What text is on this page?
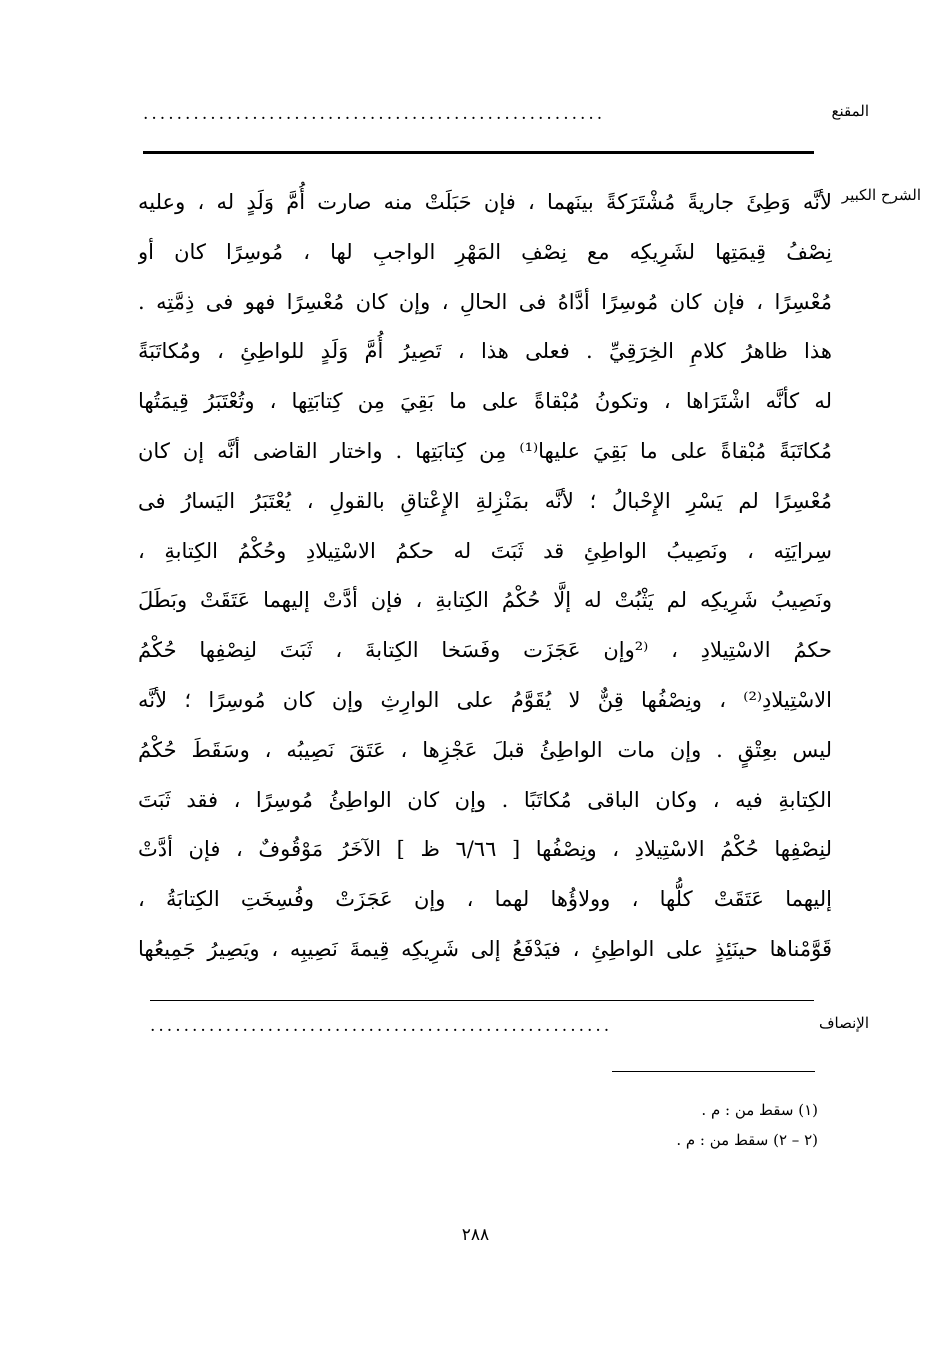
المقنع
.......................................................
الشرح الكبير
لأنَّه وَطِئَ جاريةً مُشْتَرَكةً بينَهما ، فإن حَبَلَتْ منه صارت أُمَّ وَلَدٍ له ، وعليه
نِصْفُ قِيمَتِها لشَرِيكِه مع نِصْفِ المَهْرِ الواجبِ لها ، مُوسِرًا كان أو
مُعْسِرًا ، فإن كان مُوسِرًا أدَّاهُ فى الحالِ ، وإن كان مُعْسِرًا فهو فى ذِمَّتِه .
هذا ظاهرُ كلامِ الخِرَقِيِّ . فعلى هذا ، تَصِيرُ أُمَّ وَلَدٍ للواطِئِ ، ومُكاتَبَةً
له كأنَّه اشْتَرَاها ، وتكونُ مُبْقاةً على ما بَقِيَ مِن كِتابَتِها ، وتُعْتَبَرُ قِيمَتُها
مُكاتَبَةً مُبْقاةً على ما بَقِيَ عليها⁽¹⁾ مِن كِتابَتِها . واختار القاضى أنَّه إن كان
مُعْسِرًا لم يَسْرِ الإِحْبالُ ؛ لأنَّه بمَنْزِلةِ الإِعْتاقِ بالقولِ ، يُعْتَبَرُ اليَسارُ فى
سِرايَتِه ، ونَصِيبُ الواطِئِ قد ثَبَتَ له حكمُ الاسْتِيلادِ وحُكْمُ الكِتابةِ ،
ونَصِيبُ شَرِيكِه لم يَثْبُتْ له إلَّا حُكْمُ الكِتابةِ ، فإن أدَّتْ إليهما عَتَقَتْ وبَطَلَ
حكمُ الاسْتِيلادِ ، ⁽²وإن عَجَزَت وفَسَخا الكِتابةَ ، ثَبَتَ لنِصْفِها حُكْمُ
الاسْتِيلادِ⁽²⁾ ، ونِصْفُها قِنٌّ لا يُقَوَّمُ على الوارِثِ وإن كان مُوسِرًا ؛ لأنَّه
ليس بعِتْقٍ . وإن مات الواطِئُ قبلَ عَجْزِها ، عَتَقَ نَصِيبُه ، وسَقَطَ حُكْمُ
الكِتابةِ فيه ، وكان الباقى مُكاتَبًا . وإن كان الواطِئُ مُوسِرًا ، فقد ثَبَتَ
لنِصْفِها حُكْمُ الاسْتِيلادِ ، ونِصْفُها [ ٦/٦٦ ظ ] الآخَرُ مَوْقُوفٌ ، فإن أدَّتْ
إليهما عَتَقَتْ كلُّها ، وولاؤُها لهما ، وإن عَجَزَتْ وفُسِخَتِ الكِتابَةُ ،
قَوَّمْناها حينَئِذٍ على الواطِئِ ، فيَدْفَعُ إلى شَرِيكِه قِيمةَ نَصِيبِه ، ويَصِيرُ جَمِيعُها
الإنصاف
.......................................................
(١) سقط من : م .
(٢ – ٢) سقط من : م .
٢٨٨
